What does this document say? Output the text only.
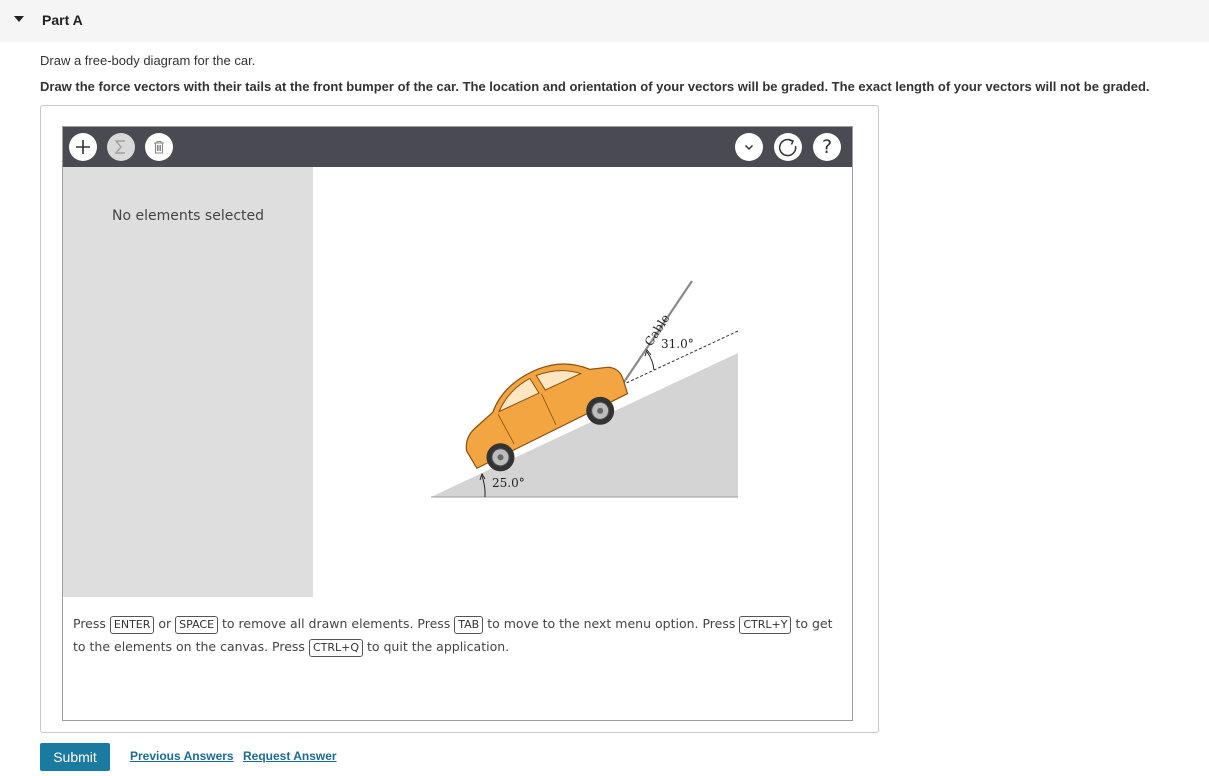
Part A
Draw a free-body diagram for the car.
Draw the force vectors with their tails at the front bumper of the car. The location and orientation of your vectors will be graded. The exact length of your vectors will not be graded.
?
No elements selected
Cable
31.0°
25.0°
Press ENTER or SPACE to remove all drawn elements. Press TAB to move to the next menu option. Press CTRL+Y to get to the elements on the canvas. Press CTRL+Q to quit the application.
Submit	Previous Answers Request Answer
